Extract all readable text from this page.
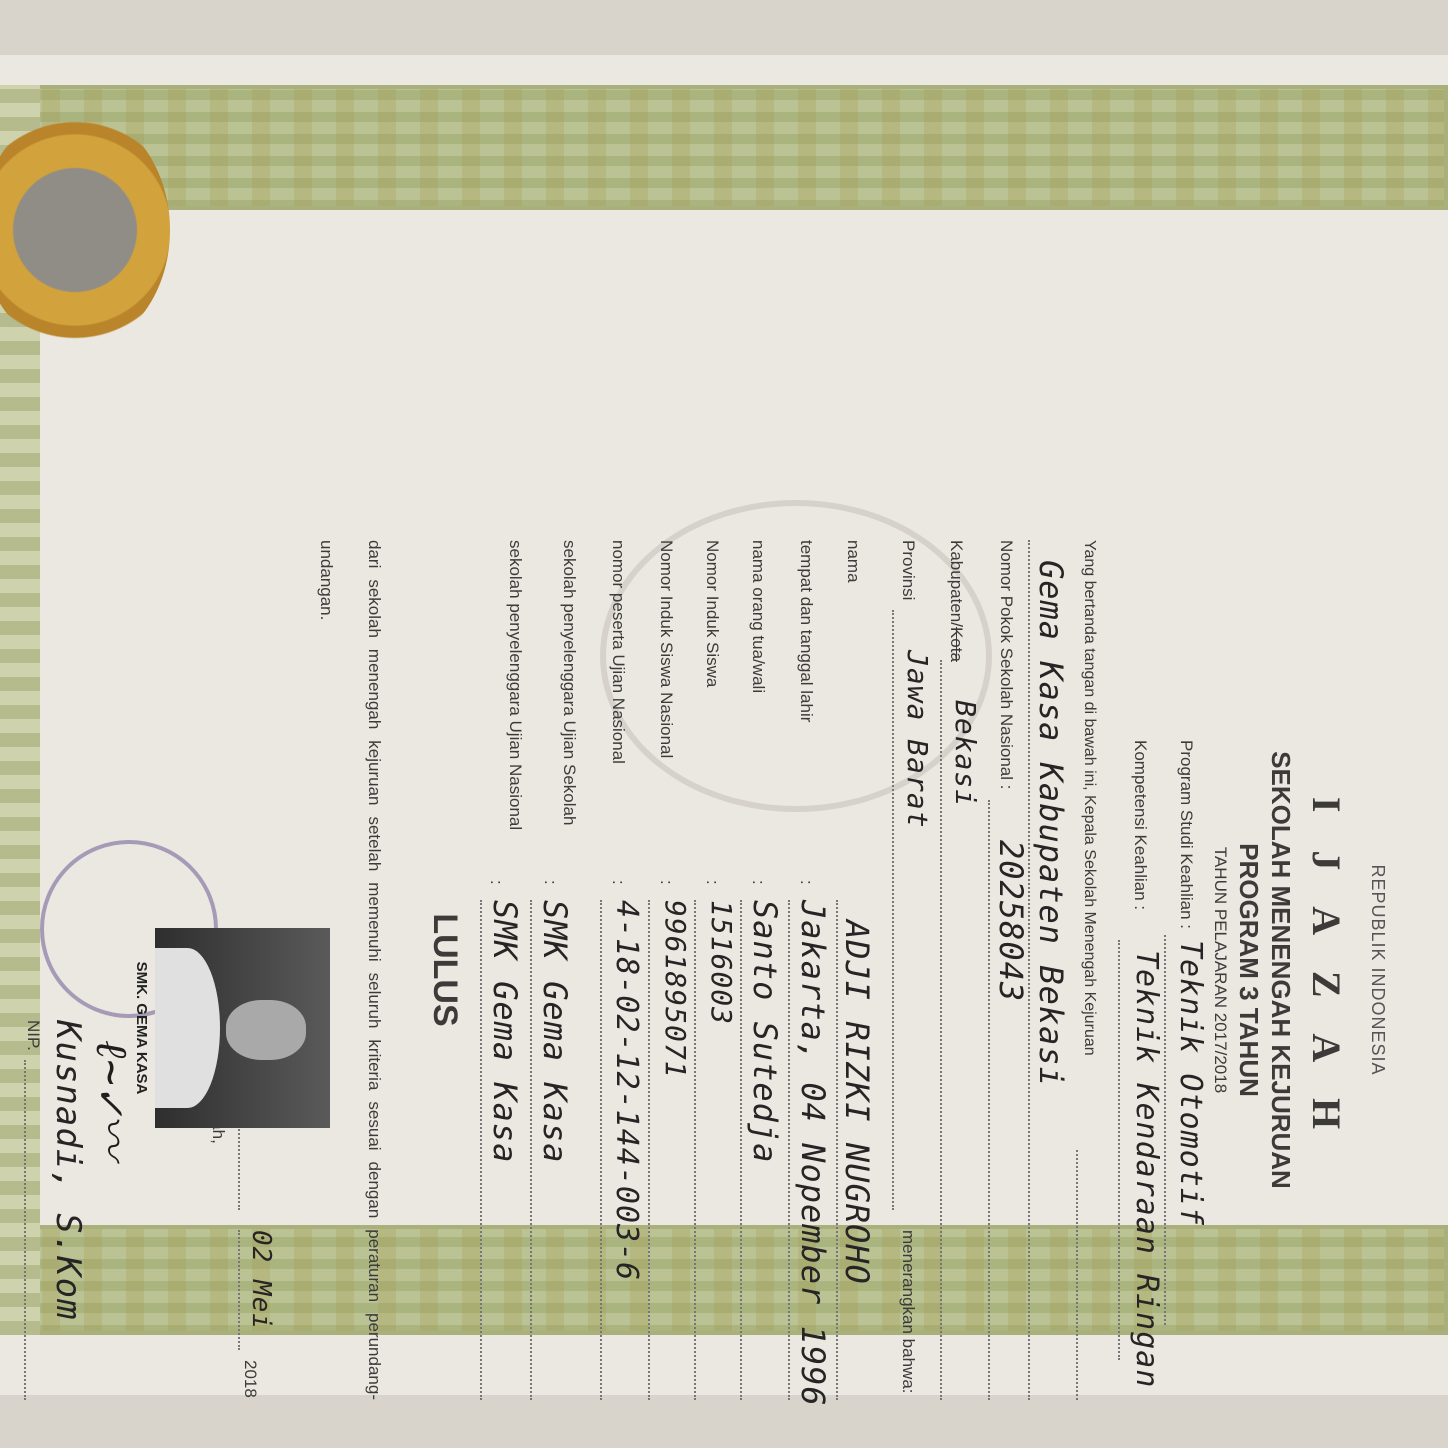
REPUBLIK INDONESIA
I J A Z A H
SEKOLAH MENENGAH KEJURUAN
PROGRAM 3 TAHUN
TAHUN PELAJARAN 2017/2018
Program Studi Keahlian :
Teknik Otomotif
Kompetensi Keahlian :
Teknik Kendaraan Ringan
Yang bertanda tangan di bawah ini, Kepala Sekolah Menengah Kejuruan
Gema Kasa Kabupaten Bekasi
Nomor Pokok Sekolah Nasional :
20258043
Kabupaten/Kota
Bekasi
Provinsi
Jawa Barat
menerangkan bahwa:
nama
ADJI RIZKI NUGROHO
tempat dan tanggal lahir
:
Jakarta, 04 Nopember 1996
nama orang tua/wali
:
Santo Sutedja
Nomor Induk Siswa
:
1516003
Nomor Induk Siswa Nasional
:
9961895071
nomor peserta Ujian Nasional
:
4-18-02-12-144-003-6
sekolah penyelenggara Ujian Sekolah
:
SMK Gema Kasa
sekolah penyelenggara Ujian Nasional
:
SMK Gema Kasa
LULUS
dari sekolah menengah kejuruan setelah memenuhi seluruh kriteria sesuai dengan peraturan perundang-undangan.
02 Mei
2018
ℓ~✓〰
Kusnadi, S.Kom
NIP.	SMK. GEMA KASA
